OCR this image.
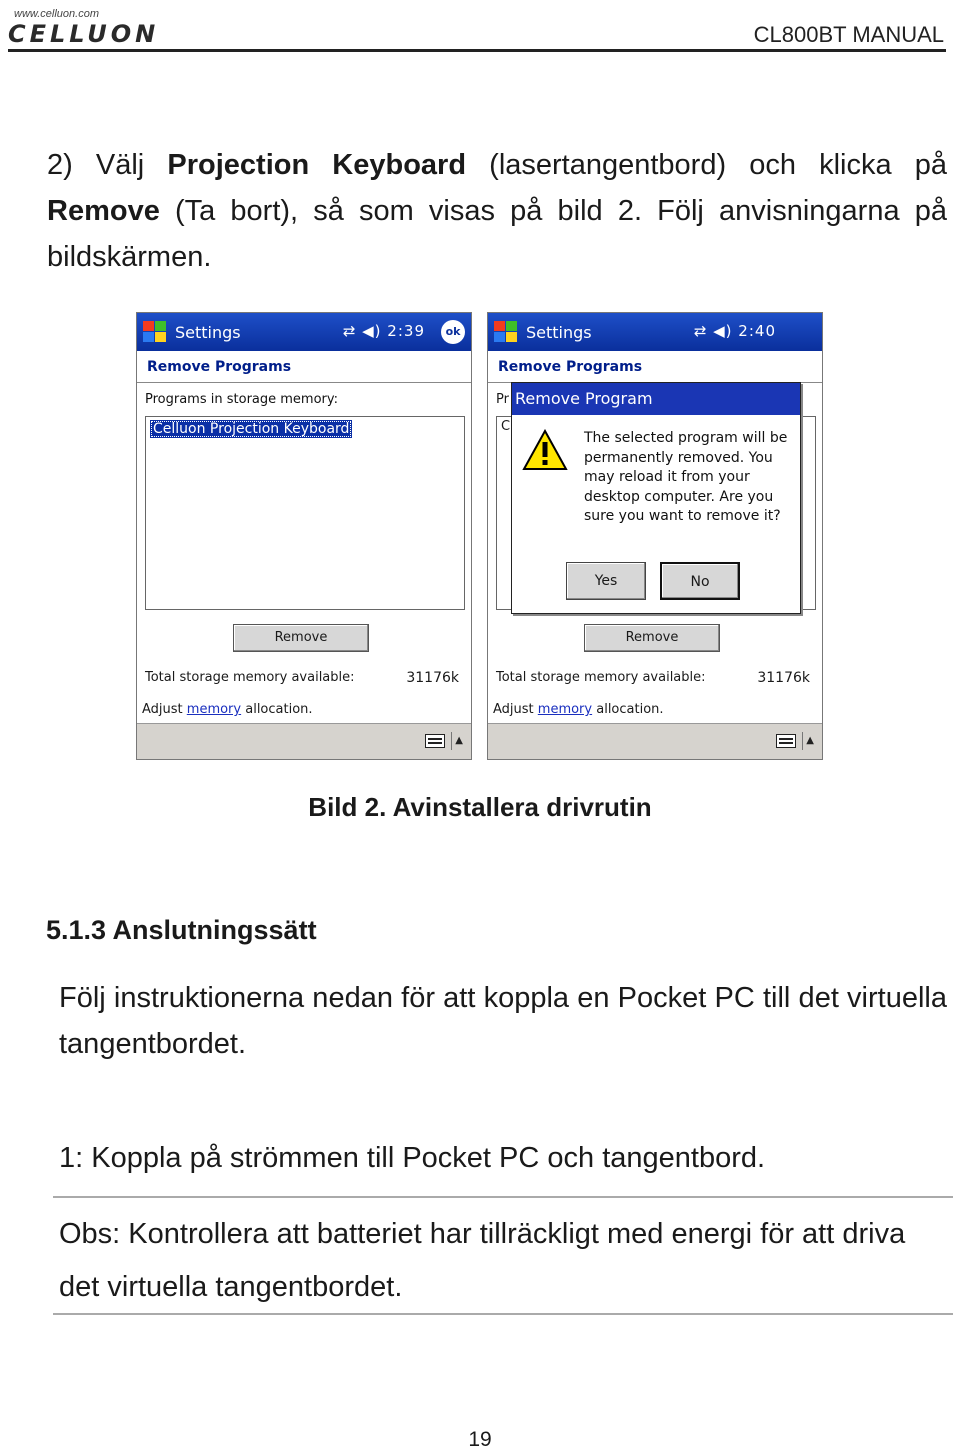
www.celluon.com
CELLUON	CL800BT MANUAL
2) Välj Projection Keyboard (lasertangentbord) och klicka på Remove (Ta bort), så som visas på bild 2. Följ anvisningarna på bildskärmen.
Settings	⇄ ◀) 2:39	ok
Remove Programs
Programs in storage memory:
Celluon Projection Keyboard
Remove
Total storage memory available:	31176k
Adjust memory allocation.
▲
Settings	⇄ ◀) 2:40
Remove Programs
Pr
C
Remove
Total storage memory available:	31176k
Adjust memory allocation.
▲
Remove Program
The selected program will be permanently removed. You may reload it from your desktop computer. Are you sure you want to remove it?
Yes	No
Bild 2. Avinstallera drivrutin
5.1.3 Anslutningssätt
Följ instruktionerna nedan för att koppla en Pocket PC till det virtuella tangentbordet.
1: Koppla på strömmen till Pocket PC och tangentbord.
Obs: Kontrollera att batteriet har tillräckligt med energi för att driva det virtuella tangentbordet.
19
